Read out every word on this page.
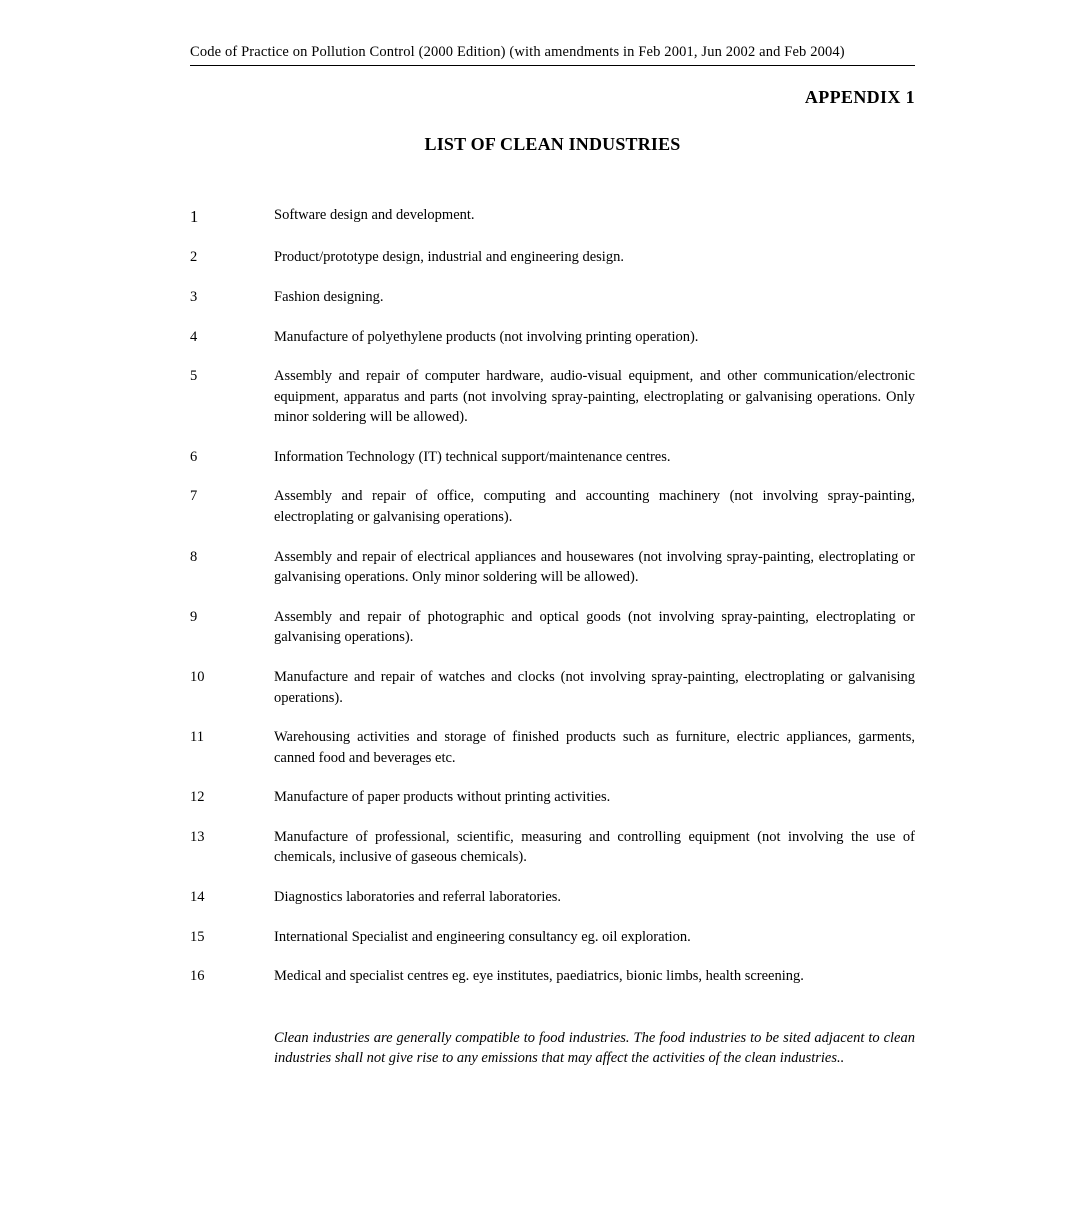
Code of Practice on Pollution Control (2000 Edition) (with amendments in Feb 2001, Jun 2002 and Feb 2004)
APPENDIX 1
LIST OF CLEAN INDUSTRIES
1	Software design and development.
2	Product/prototype design, industrial and engineering design.
3	Fashion designing.
4	Manufacture of polyethylene products (not involving printing operation).
5	Assembly and repair of computer hardware, audio-visual equipment, and other communication/electronic equipment, apparatus and parts (not involving spray-painting, electroplating or galvanising operations. Only minor soldering will be allowed).
6	Information Technology (IT) technical support/maintenance centres.
7	Assembly and repair of office, computing and accounting machinery (not involving spray-painting, electroplating or galvanising operations).
8	Assembly and repair of electrical appliances and housewares (not involving spray-painting, electroplating or galvanising operations. Only minor soldering will be allowed).
9	Assembly and repair of photographic and optical goods (not involving spray-painting, electroplating or galvanising operations).
10	Manufacture and repair of watches and clocks (not involving spray-painting, electroplating or galvanising operations).
11	Warehousing activities and storage of finished products such as furniture, electric appliances, garments, canned food and beverages etc.
12	Manufacture of paper products without printing activities.
13	Manufacture of professional, scientific, measuring and controlling equipment (not involving the use of chemicals, inclusive of gaseous chemicals).
14	Diagnostics laboratories and referral laboratories.
15	International Specialist and engineering consultancy eg. oil exploration.
16	Medical and specialist centres eg. eye institutes, paediatrics, bionic limbs, health screening.
Clean industries are generally compatible to food industries. The food industries to be sited adjacent to clean industries shall not give rise to any emissions that may affect the activities of the clean industries..
